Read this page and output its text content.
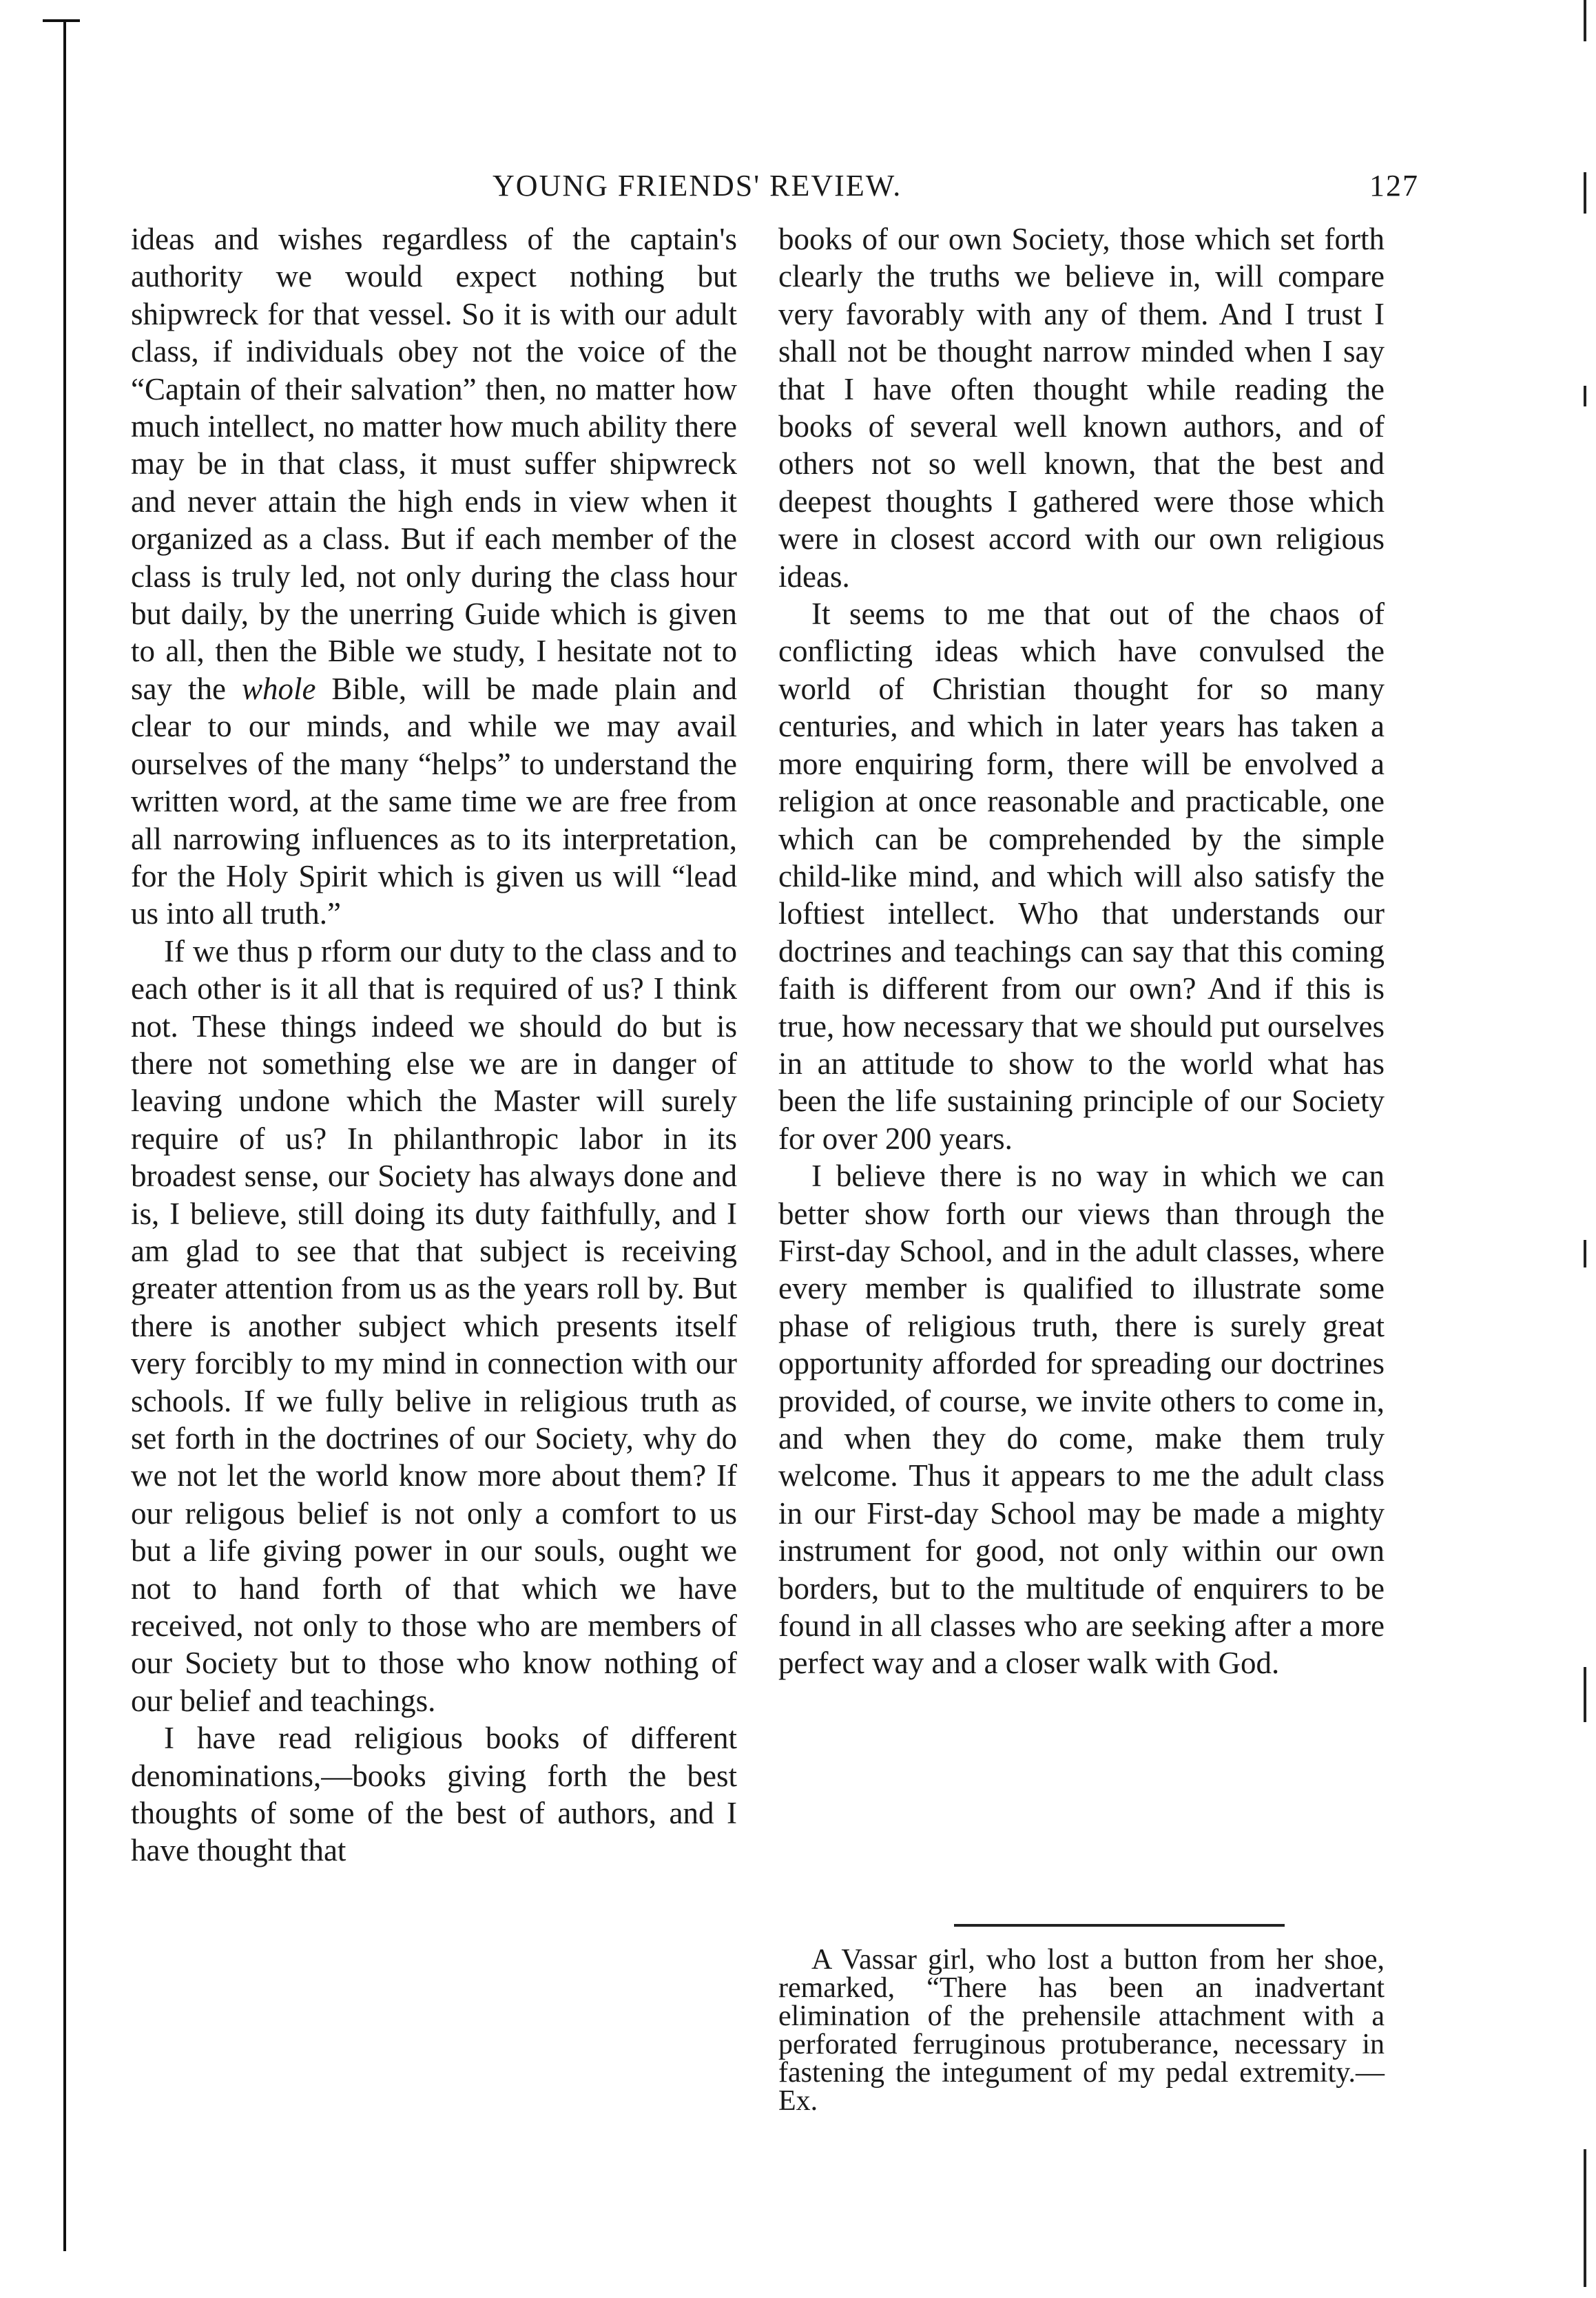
YOUNG FRIENDS' REVIEW.	127

ideas and wishes regardless of the captain's authority we would expect nothing but shipwreck for that vessel. So it is with our adult class, if individuals obey not the voice of the “Captain of their salvation” then, no matter how much intellect, no matter how much ability there may be in that class, it must suffer shipwreck and never attain the high ends in view when it organized as a class. But if each member of the class is truly led, not only during the class hour but daily, by the unerring Guide which is given to all, then the Bible we study, I hesitate not to say the whole Bible, will be made plain and clear to our minds, and while we may avail ourselves of the many “helps” to understand the written word, at the same time we are free from all narrowing influences as to its interpretation, for the Holy Spirit which is given us will “lead us into all truth.”

If we thus p rform our duty to the class and to each other is it all that is required of us? I think not. These things indeed we should do but is there not something else we are in danger of leaving undone which the Master will surely require of us? In philanthropic labor in its broadest sense, our Society has always done and is, I believe, still doing its duty faithfully, and I am glad to see that that subject is receiving greater attention from us as the years roll by. But there is another subject which presents itself very forcibly to my mind in connection with our schools. If we fully belive in religious truth as set forth in the doctrines of our Society, why do we not let the world know more about them? If our religous belief is not only a comfort to us but a life giving power in our souls, ought we not to hand forth of that which we have received, not only to those who are members of our Society but to those who know nothing of our belief and teachings.

I have read religious books of different denominations,—books giving forth the best thoughts of some of the best of authors, and I have thought that

books of our own Society, those which set forth clearly the truths we believe in, will compare very favorably with any of them. And I trust I shall not be thought narrow minded when I say that I have often thought while reading the books of several well known authors, and of others not so well known, that the best and deepest thoughts I gathered were those which were in closest accord with our own religious ideas.

It seems to me that out of the chaos of conflicting ideas which have convulsed the world of Christian thought for so many centuries, and which in later years has taken a more enquiring form, there will be envolved a religion at once reasonable and practicable, one which can be comprehended by the simple child-like mind, and which will also satisfy the loftiest intellect. Who that understands our doctrines and teachings can say that this coming faith is different from our own? And if this is true, how necessary that we should put ourselves in an attitude to show to the world what has been the life sustaining principle of our Society for over 200 years.

I believe there is no way in which we can better show forth our views than through the First-day School, and in the adult classes, where every member is qualified to illustrate some phase of religious truth, there is surely great opportunity afforded for spreading our doctrines provided, of course, we invite others to come in, and when they do come, make them truly welcome. Thus it appears to me the adult class in our First-day School may be made a mighty instrument for good, not only within our own borders, but to the multitude of enquirers to be found in all classes who are seeking after a more perfect way and a closer walk with God.

A Vassar girl, who lost a button from her shoe, remarked, “There has been an inadvertant elimination of the prehensile attachment with a perforated ferruginous protuberance, necessary in fastening the integument of my pedal extremity.—Ex.
